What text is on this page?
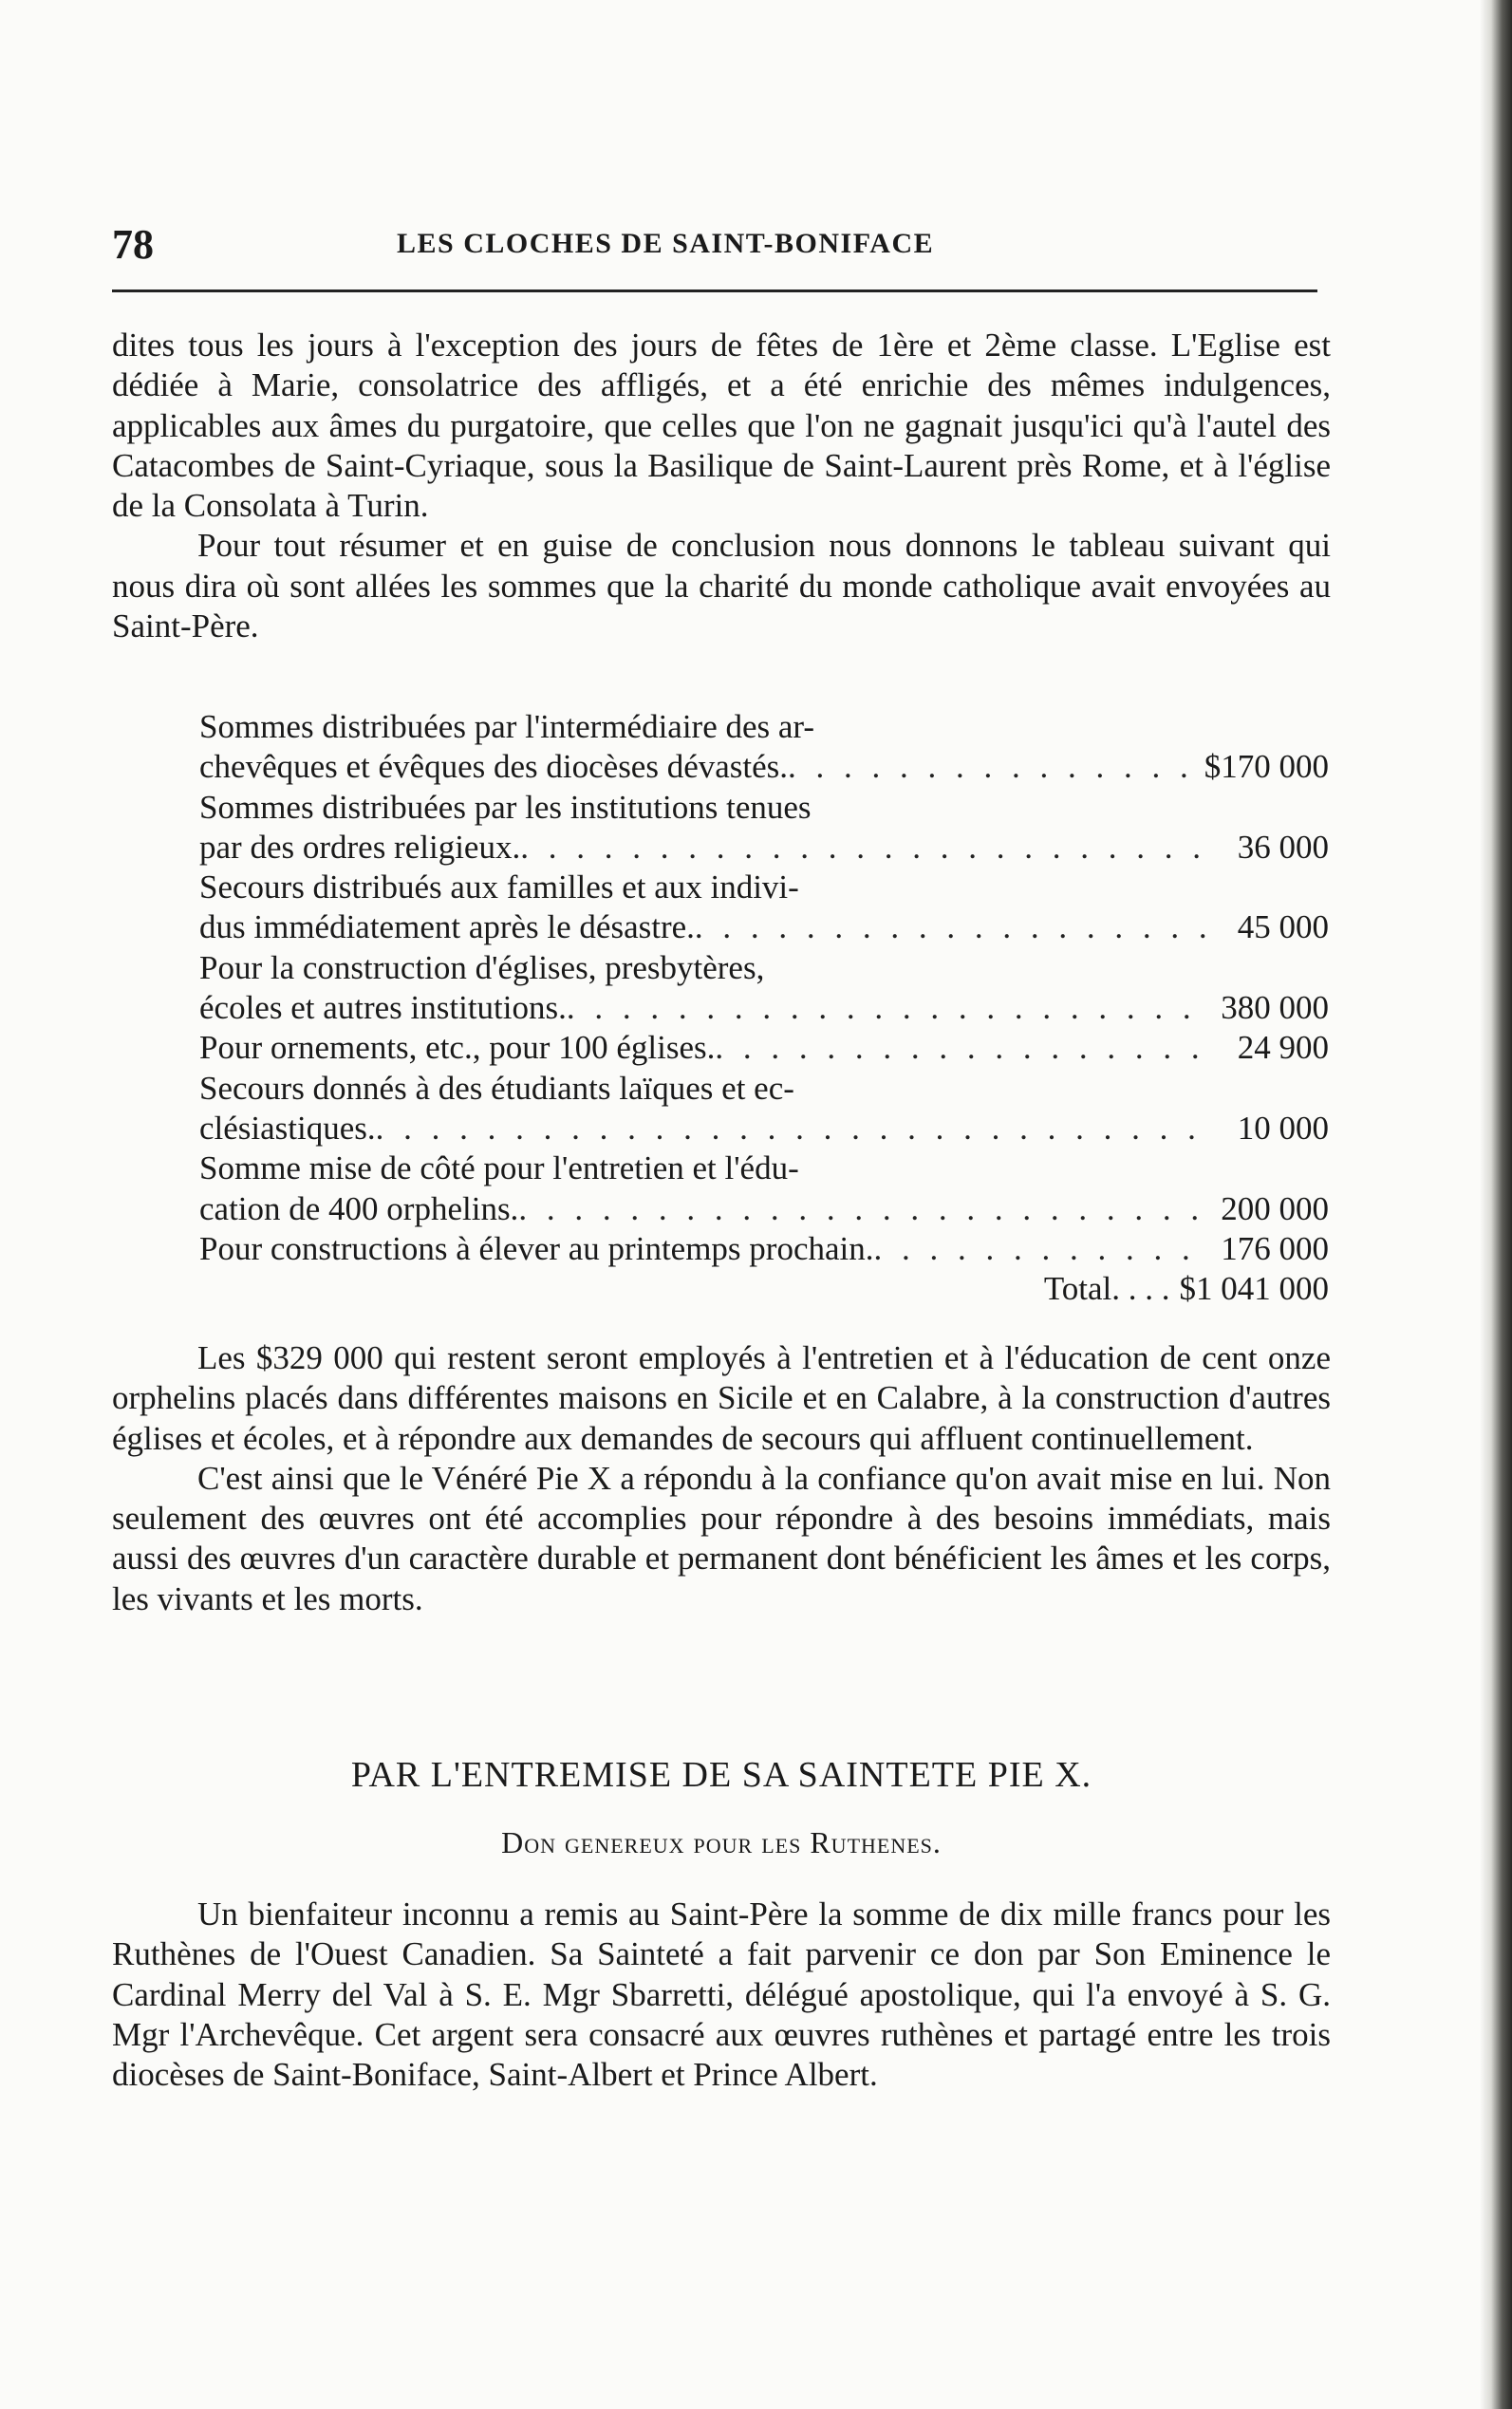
78	LES CLOCHES DE SAINT-BONIFACE

dites tous les jours à l'exception des jours de fêtes de 1ère et 2ème classe. L'Eglise est dédiée à Marie, consolatrice des affligés, et a été enrichie des mêmes indulgences, applicables aux âmes du purgatoire, que celles que l'on ne gagnait jusqu'ici qu'à l'autel des Catacombes de Saint-Cyriaque, sous la Basilique de Saint-Laurent près Rome, et à l'église de la Consolata à Turin.

Pour tout résumer et en guise de conclusion nous donnons le tableau suivant qui nous dira où sont allées les sommes que la charité du monde catholique avait envoyées au Saint-Père.

Sommes distribuées par l'intermédiaire des ar-
chevêques et évêques des diocèses dévastés. . . .	$170 000
Sommes distribuées par les institutions tenues
par des ordres religieux. . . .	36 000
Secours distribués aux familles et aux indivi-
dus immédiatement après le désastre. . . .	45 000
Pour la construction d'églises, presbytères,
écoles et autres institutions. . . .	380 000
Pour ornements, etc., pour 100 églises. . . .	24 900
Secours donnés à des étudiants laïques et ec-
clésiastiques. . . .	10 000
Somme mise de côté pour l'entretien et l'édu-
cation de 400 orphelins. . . .	200 000
Pour constructions à élever au printemps prochain. . . .	176 000
Total. . . . $1 041 000

Les $329 000 qui restent seront employés à l'entretien et à l'éducation de cent onze orphelins placés dans différentes maisons en Sicile et en Calabre, à la construction d'autres églises et écoles, et à répondre aux demandes de secours qui affluent continuellement.

C'est ainsi que le Vénéré Pie X a répondu à la confiance qu'on avait mise en lui. Non seulement des œuvres ont été accomplies pour répondre à des besoins immédiats, mais aussi des œuvres d'un caractère durable et permanent dont bénéficient les âmes et les corps, les vivants et les morts.

PAR L'ENTREMISE DE SA SAINTETE PIE X.
Don genereux pour les Ruthenes.

Un bienfaiteur inconnu a remis au Saint-Père la somme de dix mille francs pour les Ruthènes de l'Ouest Canadien. Sa Sainteté a fait parvenir ce don par Son Eminence le Cardinal Merry del Val à S. E. Mgr Sbarretti, délégué apostolique, qui l'a envoyé à S. G. Mgr l'Archevêque. Cet argent sera consacré aux œuvres ruthènes et partagé entre les trois diocèses de Saint-Boniface, Saint-Albert et Prince Albert.
